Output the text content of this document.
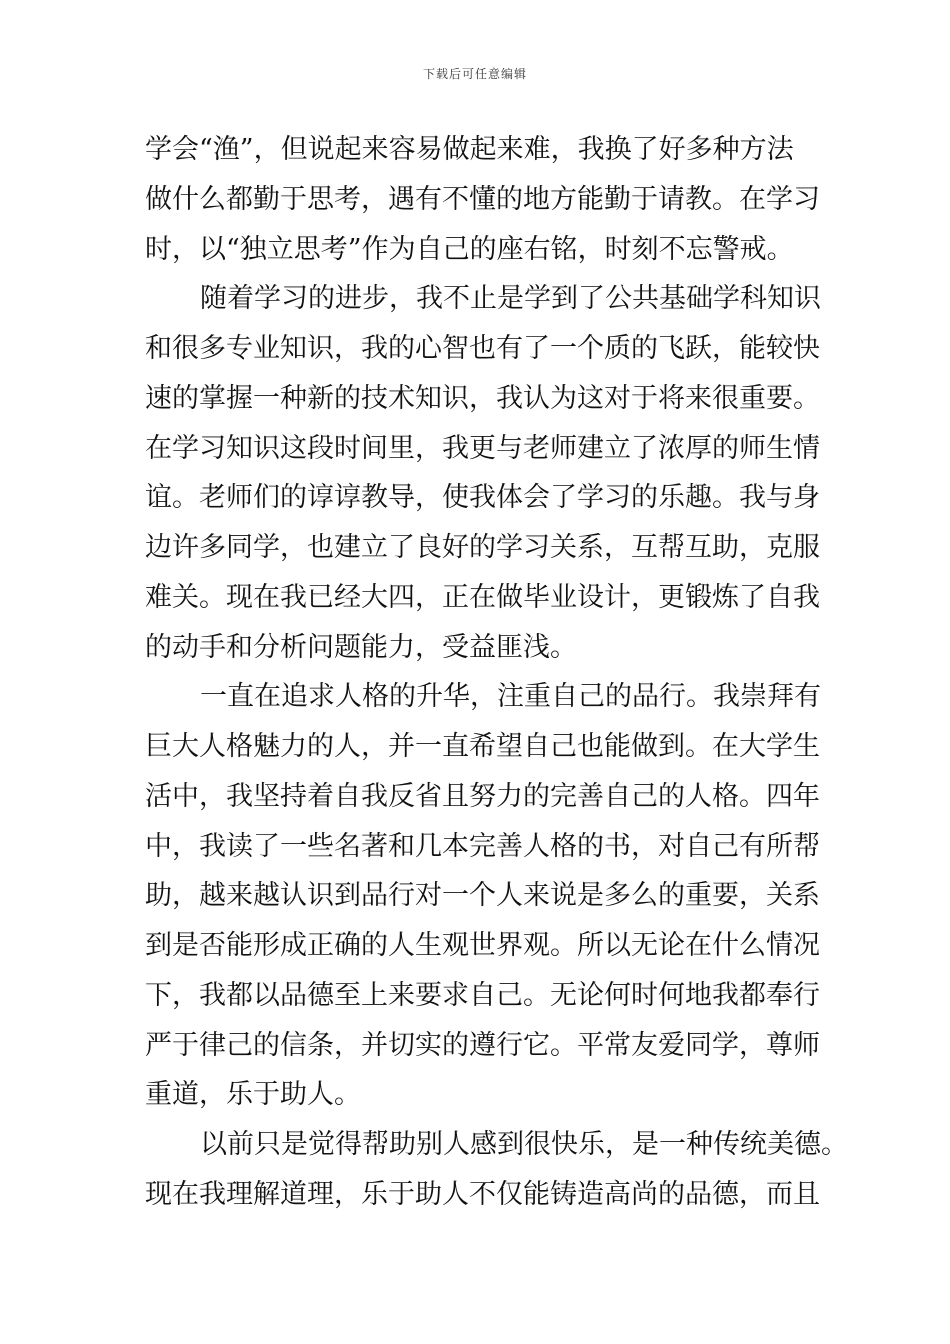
下载后可任意编辑
学会“渔”，但说起来容易做起来难，我换了好多种方法
做什么都勤于思考，遇有不懂的地方能勤于请教。在学习
时，以“独立思考”作为自己的座右铭，时刻不忘警戒。
随着学习的进步，我不止是学到了公共基础学科知识
和很多专业知识，我的心智也有了一个质的飞跃，能较快
速的掌握一种新的技术知识，我认为这对于将来很重要。
在学习知识这段时间里，我更与老师建立了浓厚的师生情
谊。老师们的谆谆教导，使我体会了学习的乐趣。我与身
边许多同学，也建立了良好的学习关系，互帮互助，克服
难关。现在我已经大四，正在做毕业设计，更锻炼了自我
的动手和分析问题能力，受益匪浅。
一直在追求人格的升华，注重自己的品行。我崇拜有
巨大人格魅力的人，并一直希望自己也能做到。在大学生
活中，我坚持着自我反省且努力的完善自己的人格。四年
中，我读了一些名著和几本完善人格的书，对自己有所帮
助，越来越认识到品行对一个人来说是多么的重要，关系
到是否能形成正确的人生观世界观。所以无论在什么情况
下，我都以品德至上来要求自己。无论何时何地我都奉行
严于律己的信条，并切实的遵行它。平常友爱同学，尊师
重道，乐于助人。
以前只是觉得帮助别人感到很快乐，是一种传统美德。
现在我理解道理，乐于助人不仅能铸造高尚的品德，而且
